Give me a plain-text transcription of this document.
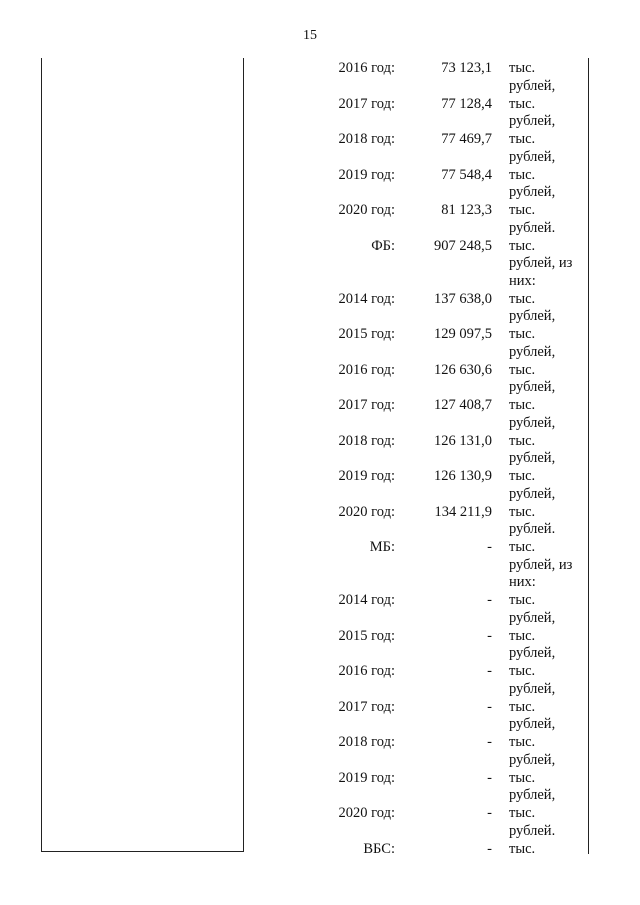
15
2016 год:	73 123,1 тыс.
рублей,
2017 год:	77 128,4 тыс.
рублей,
2018 год:	77 469,7 тыс.
рублей,
2019 год:	77 548,4 тыс.
рублей,
2020 год:	81 123,3 тыс.
рублей.
ФБ:	907 248,5 тыс.
рублей, из
них:
2014 год:	137 638,0 тыс.
рублей,
2015 год:	129 097,5 тыс.
рублей,
2016 год:	126 630,6 тыс.
рублей,
2017 год:	127 408,7 тыс.
рублей,
2018 год:	126 131,0 тыс.
рублей,
2019 год:	126 130,9 тыс.
рублей,
2020 год:	134 211,9 тыс.
рублей.
МБ:	- тыс.
рублей, из
них:
2014 год:	- тыс.
рублей,
2015 год:	- тыс.
рублей,
2016 год:	- тыс.
рублей,
2017 год:	- тыс.
рублей,
2018 год:	- тыс.
рублей,
2019 год:	- тыс.
рублей,
2020 год:	- тыс.
рублей.
ВБС:	- тыс.
